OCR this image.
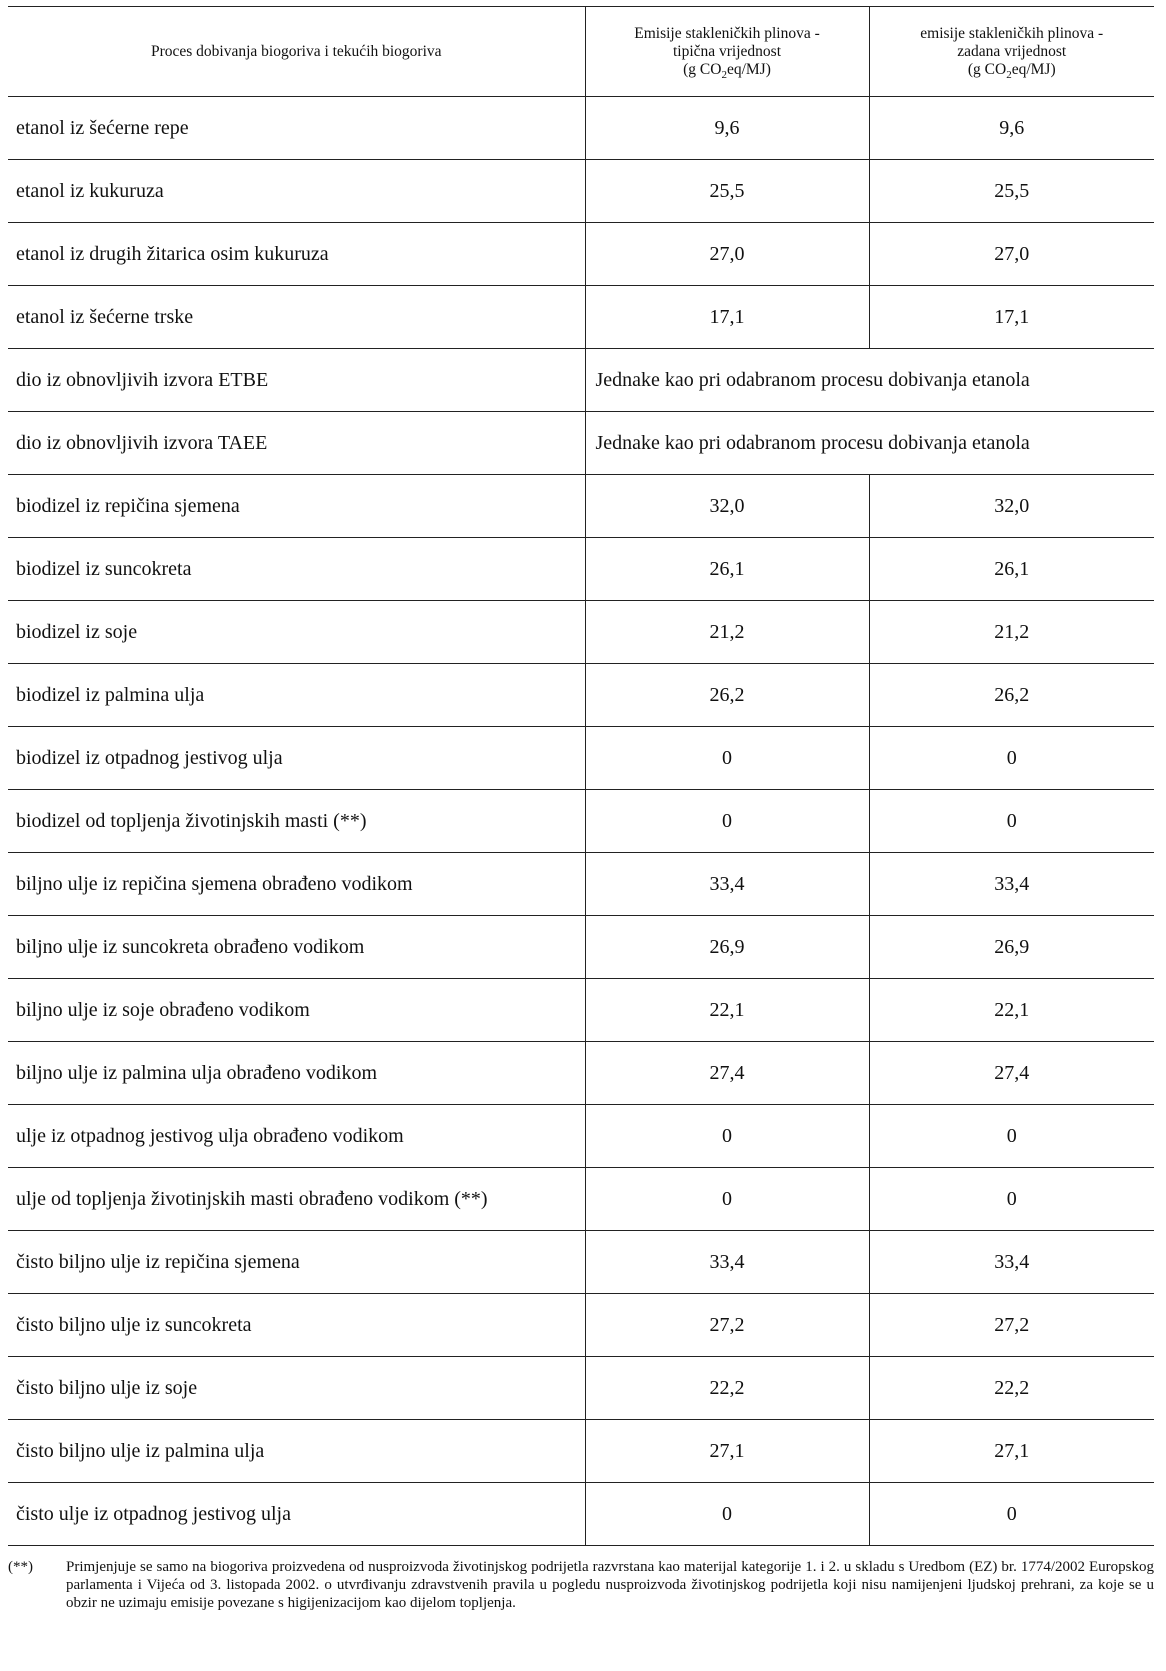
Proces dobivanja biogoriva i tekućih biogoriva	Emisije stakleničkih plinova -
tipična vrijednost
(g $CO_2eq/MJ$)	emisije stakleničkih plinova -
zadana vrijednost
(g $CO_2eq/MJ$)

etanol iz šećerne repe	9,6	9,6
etanol iz kukuruza	25,5	25,5
etanol iz drugih žitarica osim kukuruza	27,0	27,0
etanol iz šećerne trske	17,1	17,1
dio iz obnovljivih izvora ETBE	Jednake kao pri odabranom procesu dobivanja etanola	
dio iz obnovljivih izvora TAEE	Jednake kao pri odabranom procesu dobivanja etanola	
biodizel iz repičina sjemena	32,0	32,0
biodizel iz suncokreta	26,1	26,1
biodizel iz soje	21,2	21,2
biodizel iz palmina ulja	26,2	26,2
biodizel iz otpadnog jestivog ulja	0	0
biodizel od topljenja životinjskih masti (**)	0	0
biljno ulje iz repičina sjemena obrađeno vodikom	33,4	33,4
biljno ulje iz suncokreta obrađeno vodikom	26,9	26,9
biljno ulje iz soje obrađeno vodikom	22,1	22,1
biljno ulje iz palmina ulja obrađeno vodikom	27,4	27,4
ulje iz otpadnog jestivog ulja obrađeno vodikom	0	0
ulje od topljenja životinjskih masti obrađeno vodikom (**)	0	0
čisto biljno ulje iz repičina sjemena	33,4	33,4
čisto biljno ulje iz suncokreta	27,2	27,2
čisto biljno ulje iz soje	22,2	22,2
čisto biljno ulje iz palmina ulja	27,1	27,1
čisto ulje iz otpadnog jestivog ulja	0	0
(**)	Primjenjuje se samo na biogoriva proizvedena od nusproizvoda životinjskog podrijetla razvrstana kao materijal kategorije 1. i 2. u skladu s Uredbom (EZ) br. 1774/2002 Europskog parlamenta i Vijeća od 3. listopada 2002. o utvrđivanju zdravstvenih pravila u pogledu nusproizvoda životinjskog podrijetla koji nisu namijenjeni ljudskoj prehrani, za koje se u obzir ne uzimaju emisije povezane s higijenizacijom kao dijelom topljenja.
